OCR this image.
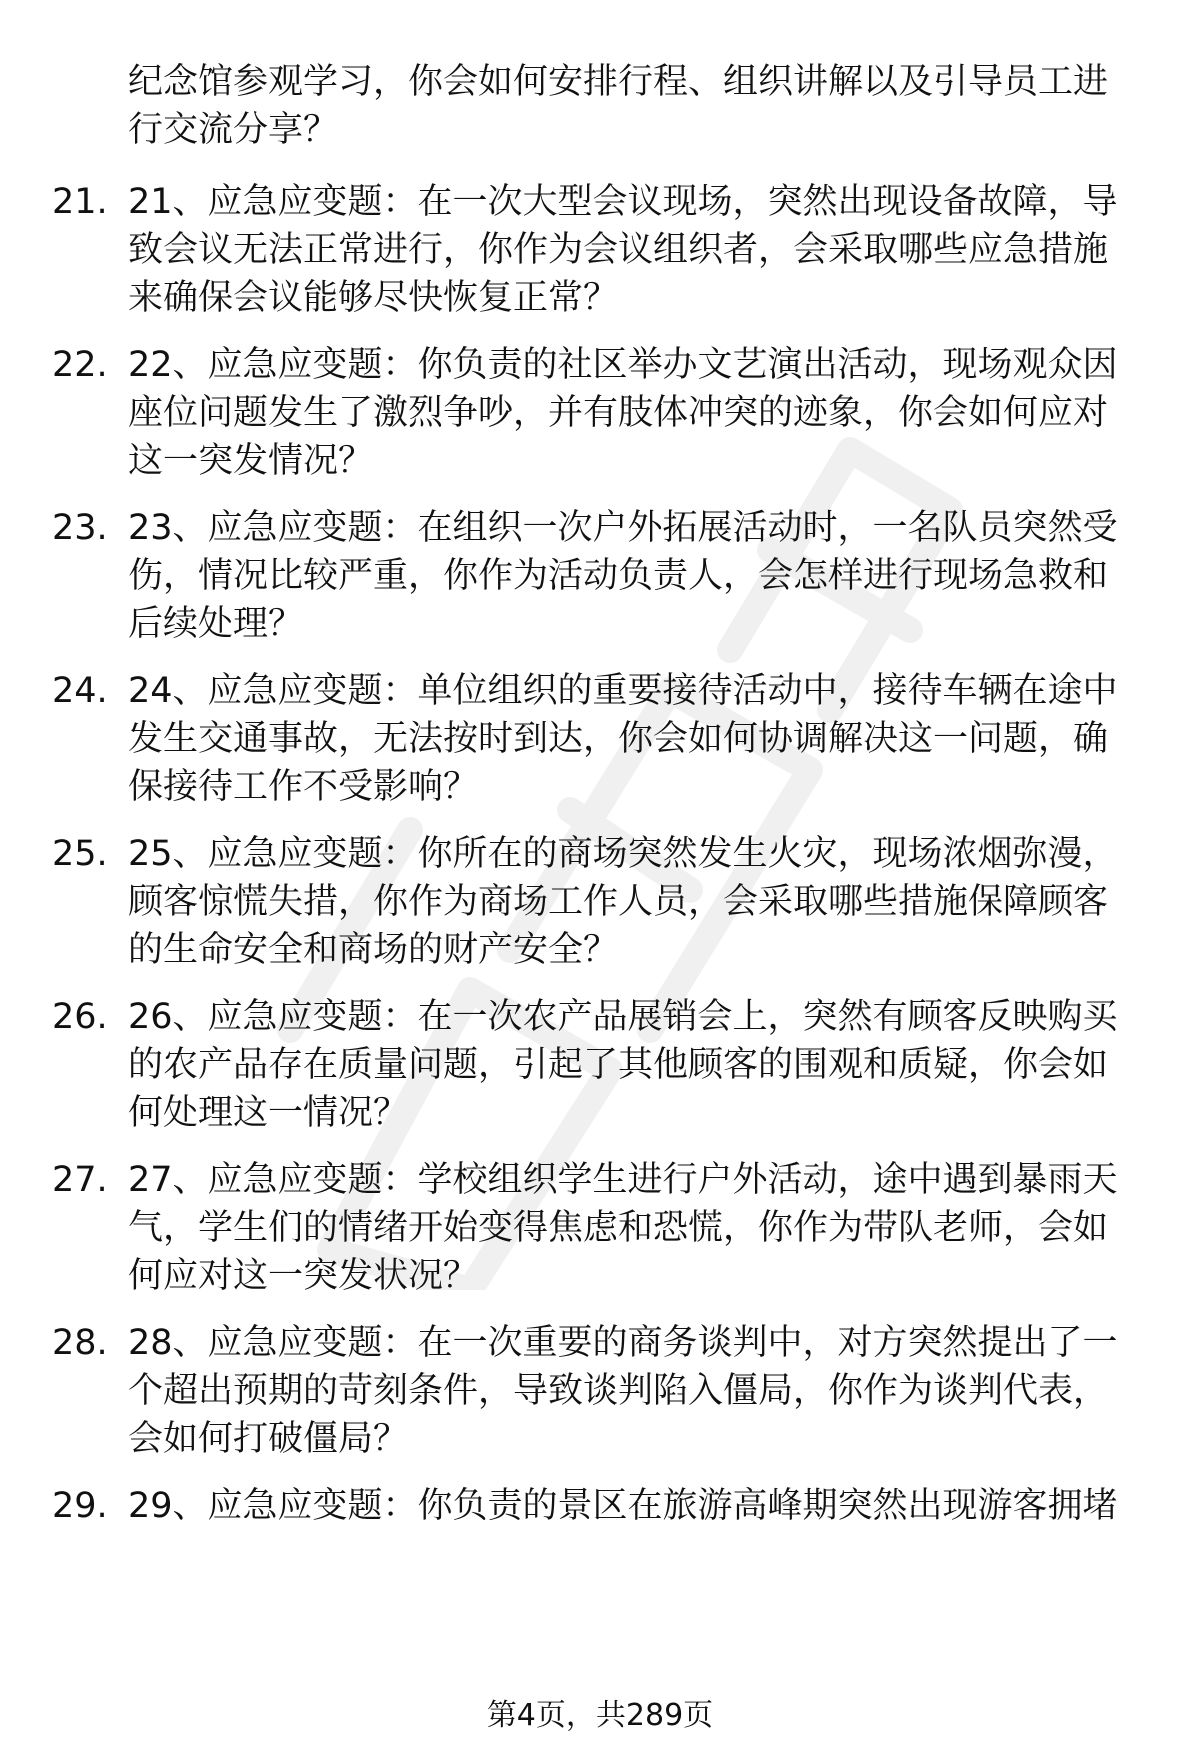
纪念馆参观学习，你会如何安排行程、组织讲解以及引导员工进行交流分享？

21. 21、应急应变题：在一次大型会议现场，突然出现设备故障，导致会议无法正常进行，你作为会议组织者，会采取哪些应急措施来确保会议能够尽快恢复正常？

22. 22、应急应变题：你负责的社区举办文艺演出活动，现场观众因座位问题发生了激烈争吵，并有肢体冲突的迹象，你会如何应对这一突发情况？

23. 23、应急应变题：在组织一次户外拓展活动时，一名队员突然受伤，情况比较严重，你作为活动负责人，会怎样进行现场急救和后续处理？

24. 24、应急应变题：单位组织的重要接待活动中，接待车辆在途中发生交通事故，无法按时到达，你会如何协调解决这一问题，确保接待工作不受影响？

25. 25、应急应变题：你所在的商场突然发生火灾，现场浓烟弥漫，顾客惊慌失措，你作为商场工作人员，会采取哪些措施保障顾客的生命安全和商场的财产安全？

26. 26、应急应变题：在一次农产品展销会上，突然有顾客反映购买的农产品存在质量问题，引起了其他顾客的围观和质疑，你会如何处理这一情况？

27. 27、应急应变题：学校组织学生进行户外活动，途中遇到暴雨天气，学生们的情绪开始变得焦虑和恐慌，你作为带队老师，会如何应对这一突发状况？

28. 28、应急应变题：在一次重要的商务谈判中，对方突然提出了一个超出预期的苛刻条件，导致谈判陷入僵局，你作为谈判代表，会如何打破僵局？

29. 29、应急应变题：你负责的景区在旅游高峰期突然出现游客拥堵

第4页，共289页
